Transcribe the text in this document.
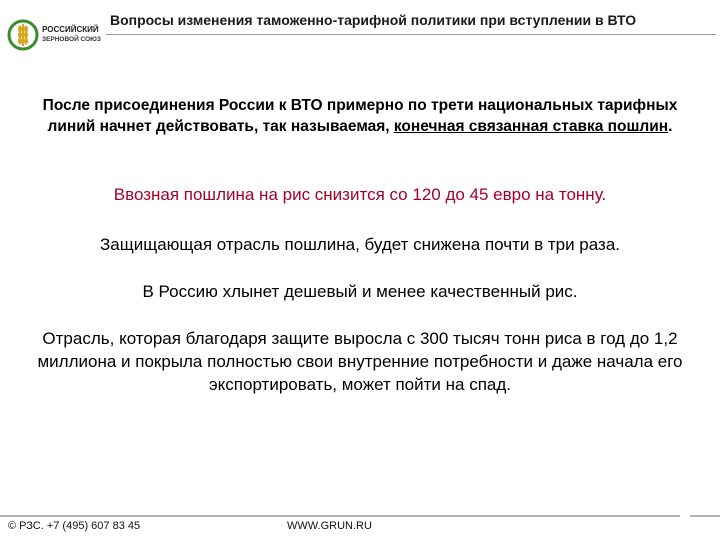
РОССИЙСКИЙ
ЗЕРНОВОЙ СОЮЗ
Вопросы изменения таможенно-тарифной политики при вступлении в ВТО
После присоединения России к ВТО примерно по трети национальных тарифных линий начнет действовать, так называемая, конечная связанная ставка пошлин.
Ввозная пошлина на рис снизится со 120 до 45 евро на тонну.
Защищающая отрасль пошлина, будет снижена почти в три раза.
В Россию хлынет дешевый и менее качественный рис.
Отрасль, которая благодаря защите выросла с 300 тысяч тонн риса в год до 1,2 миллиона и покрыла полностью свои внутренние потребности и даже начала его экспортировать, может пойти на спад.
© РЗС. +7 (495) 607 83 45	WWW.GRUN.RU
